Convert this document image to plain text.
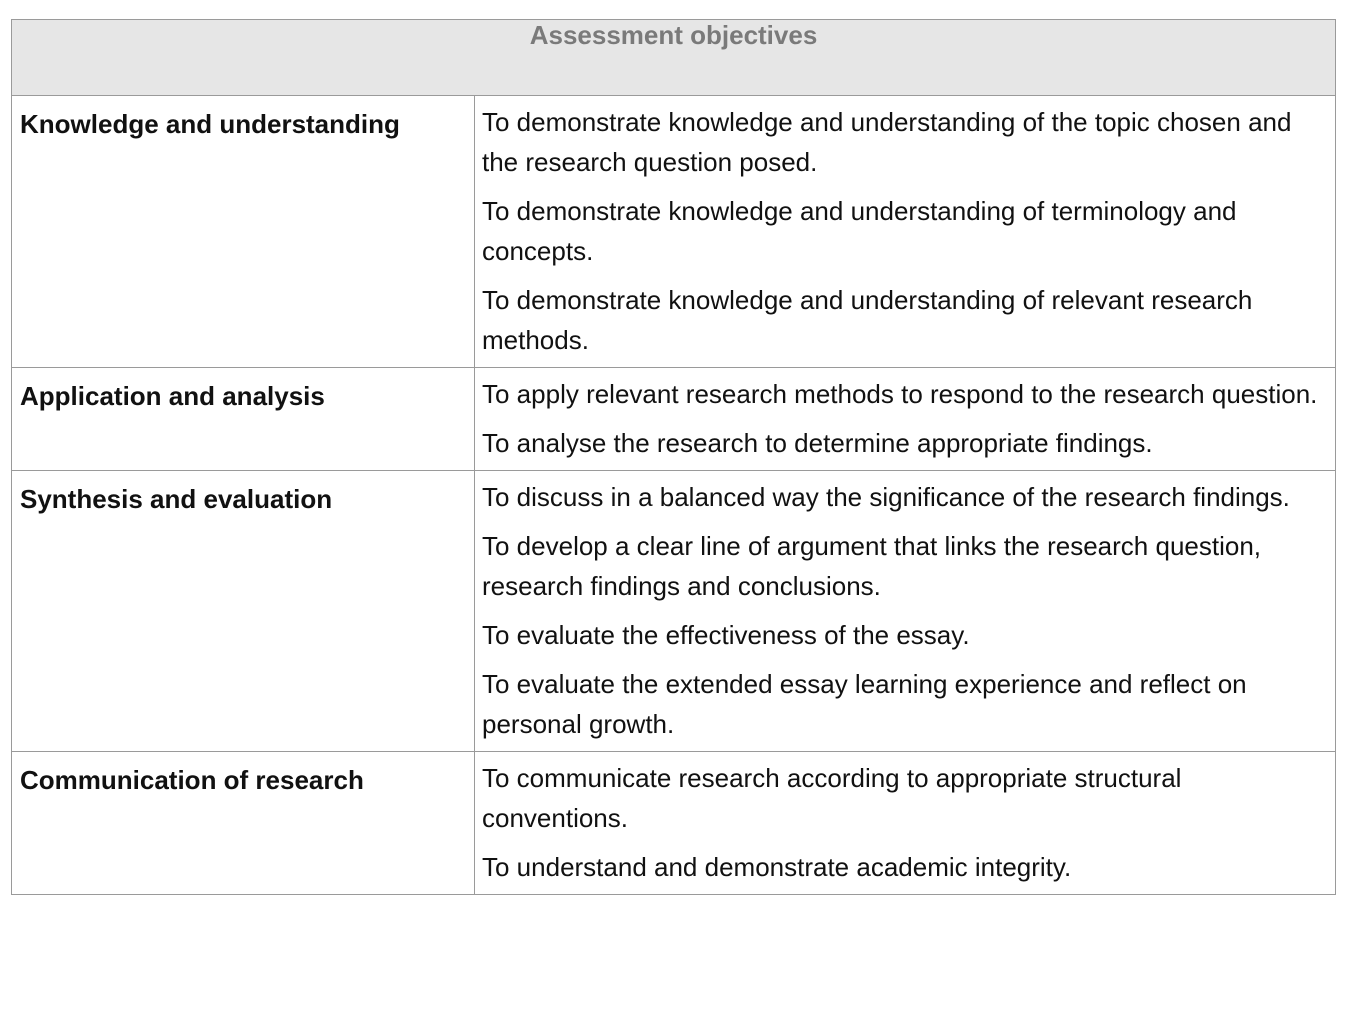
Assessment objectives	
Knowledge and understanding	To demonstrate knowledge and understanding of the topic chosen and the research question posed.

To demonstrate knowledge and understanding of terminology and concepts.

To demonstrate knowledge and understanding of relevant research methods.

Application and analysis	To apply relevant research methods to respond to the research question.

To analyse the research to determine appropriate findings.

Synthesis and evaluation	To discuss in a balanced way the significance of the research findings.

To develop a clear line of argument that links the research question, research findings and conclusions.

To evaluate the effectiveness of the essay.

To evaluate the extended essay learning experience and reflect on personal growth.

Communication of research	To communicate research according to appropriate structural conventions.

To understand and demonstrate academic integrity.
